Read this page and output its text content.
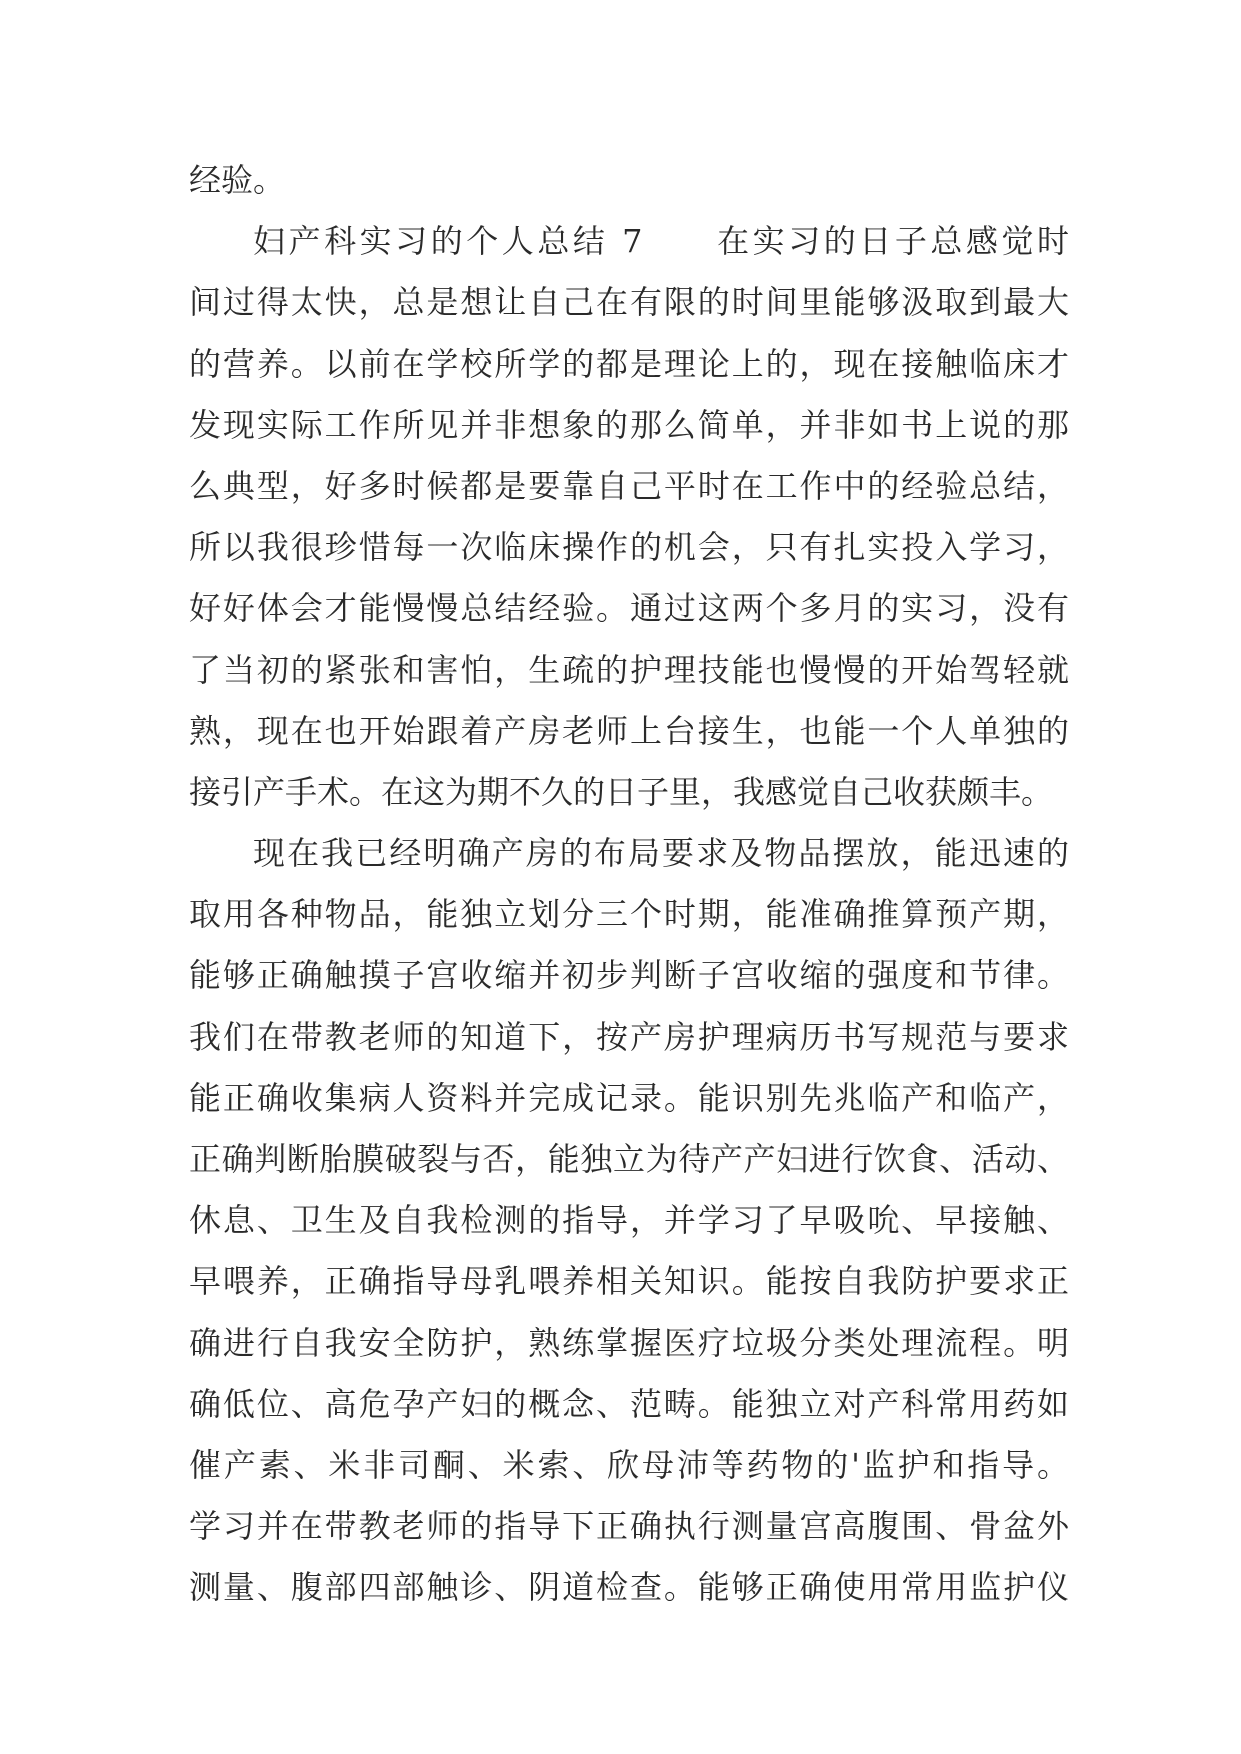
经验。
妇产科实习的个人总结 7　　在实习的日子总感觉时
间过得太快，总是想让自己在有限的时间里能够汲取到最大
的营养。以前在学校所学的都是理论上的，现在接触临床才
发现实际工作所见并非想象的那么简单，并非如书上说的那
么典型，好多时候都是要靠自己平时在工作中的经验总结，
所以我很珍惜每一次临床操作的机会，只有扎实投入学习，
好好体会才能慢慢总结经验。通过这两个多月的实习，没有
了当初的紧张和害怕，生疏的护理技能也慢慢的开始驾轻就
熟，现在也开始跟着产房老师上台接生，也能一个人单独的
接引产手术。在这为期不久的日子里，我感觉自己收获颇丰。
现在我已经明确产房的布局要求及物品摆放，能迅速的
取用各种物品，能独立划分三个时期，能准确推算预产期，
能够正确触摸子宫收缩并初步判断子宫收缩的强度和节律。
我们在带教老师的知道下，按产房护理病历书写规范与要求
能正确收集病人资料并完成记录。能识别先兆临产和临产，
正确判断胎膜破裂与否，能独立为待产产妇进行饮食、活动、
休息、卫生及自我检测的指导，并学习了早吸吮、早接触、
早喂养，正确指导母乳喂养相关知识。能按自我防护要求正
确进行自我安全防护，熟练掌握医疗垃圾分类处理流程。明
确低位、高危孕产妇的概念、范畴。能独立对产科常用药如
催产素、米非司酮、米索、欣母沛等药物的'监护和指导。
学习并在带教老师的指导下正确执行测量宫高腹围、骨盆外
测量、腹部四部触诊、阴道检查。能够正确使用常用监护仪
